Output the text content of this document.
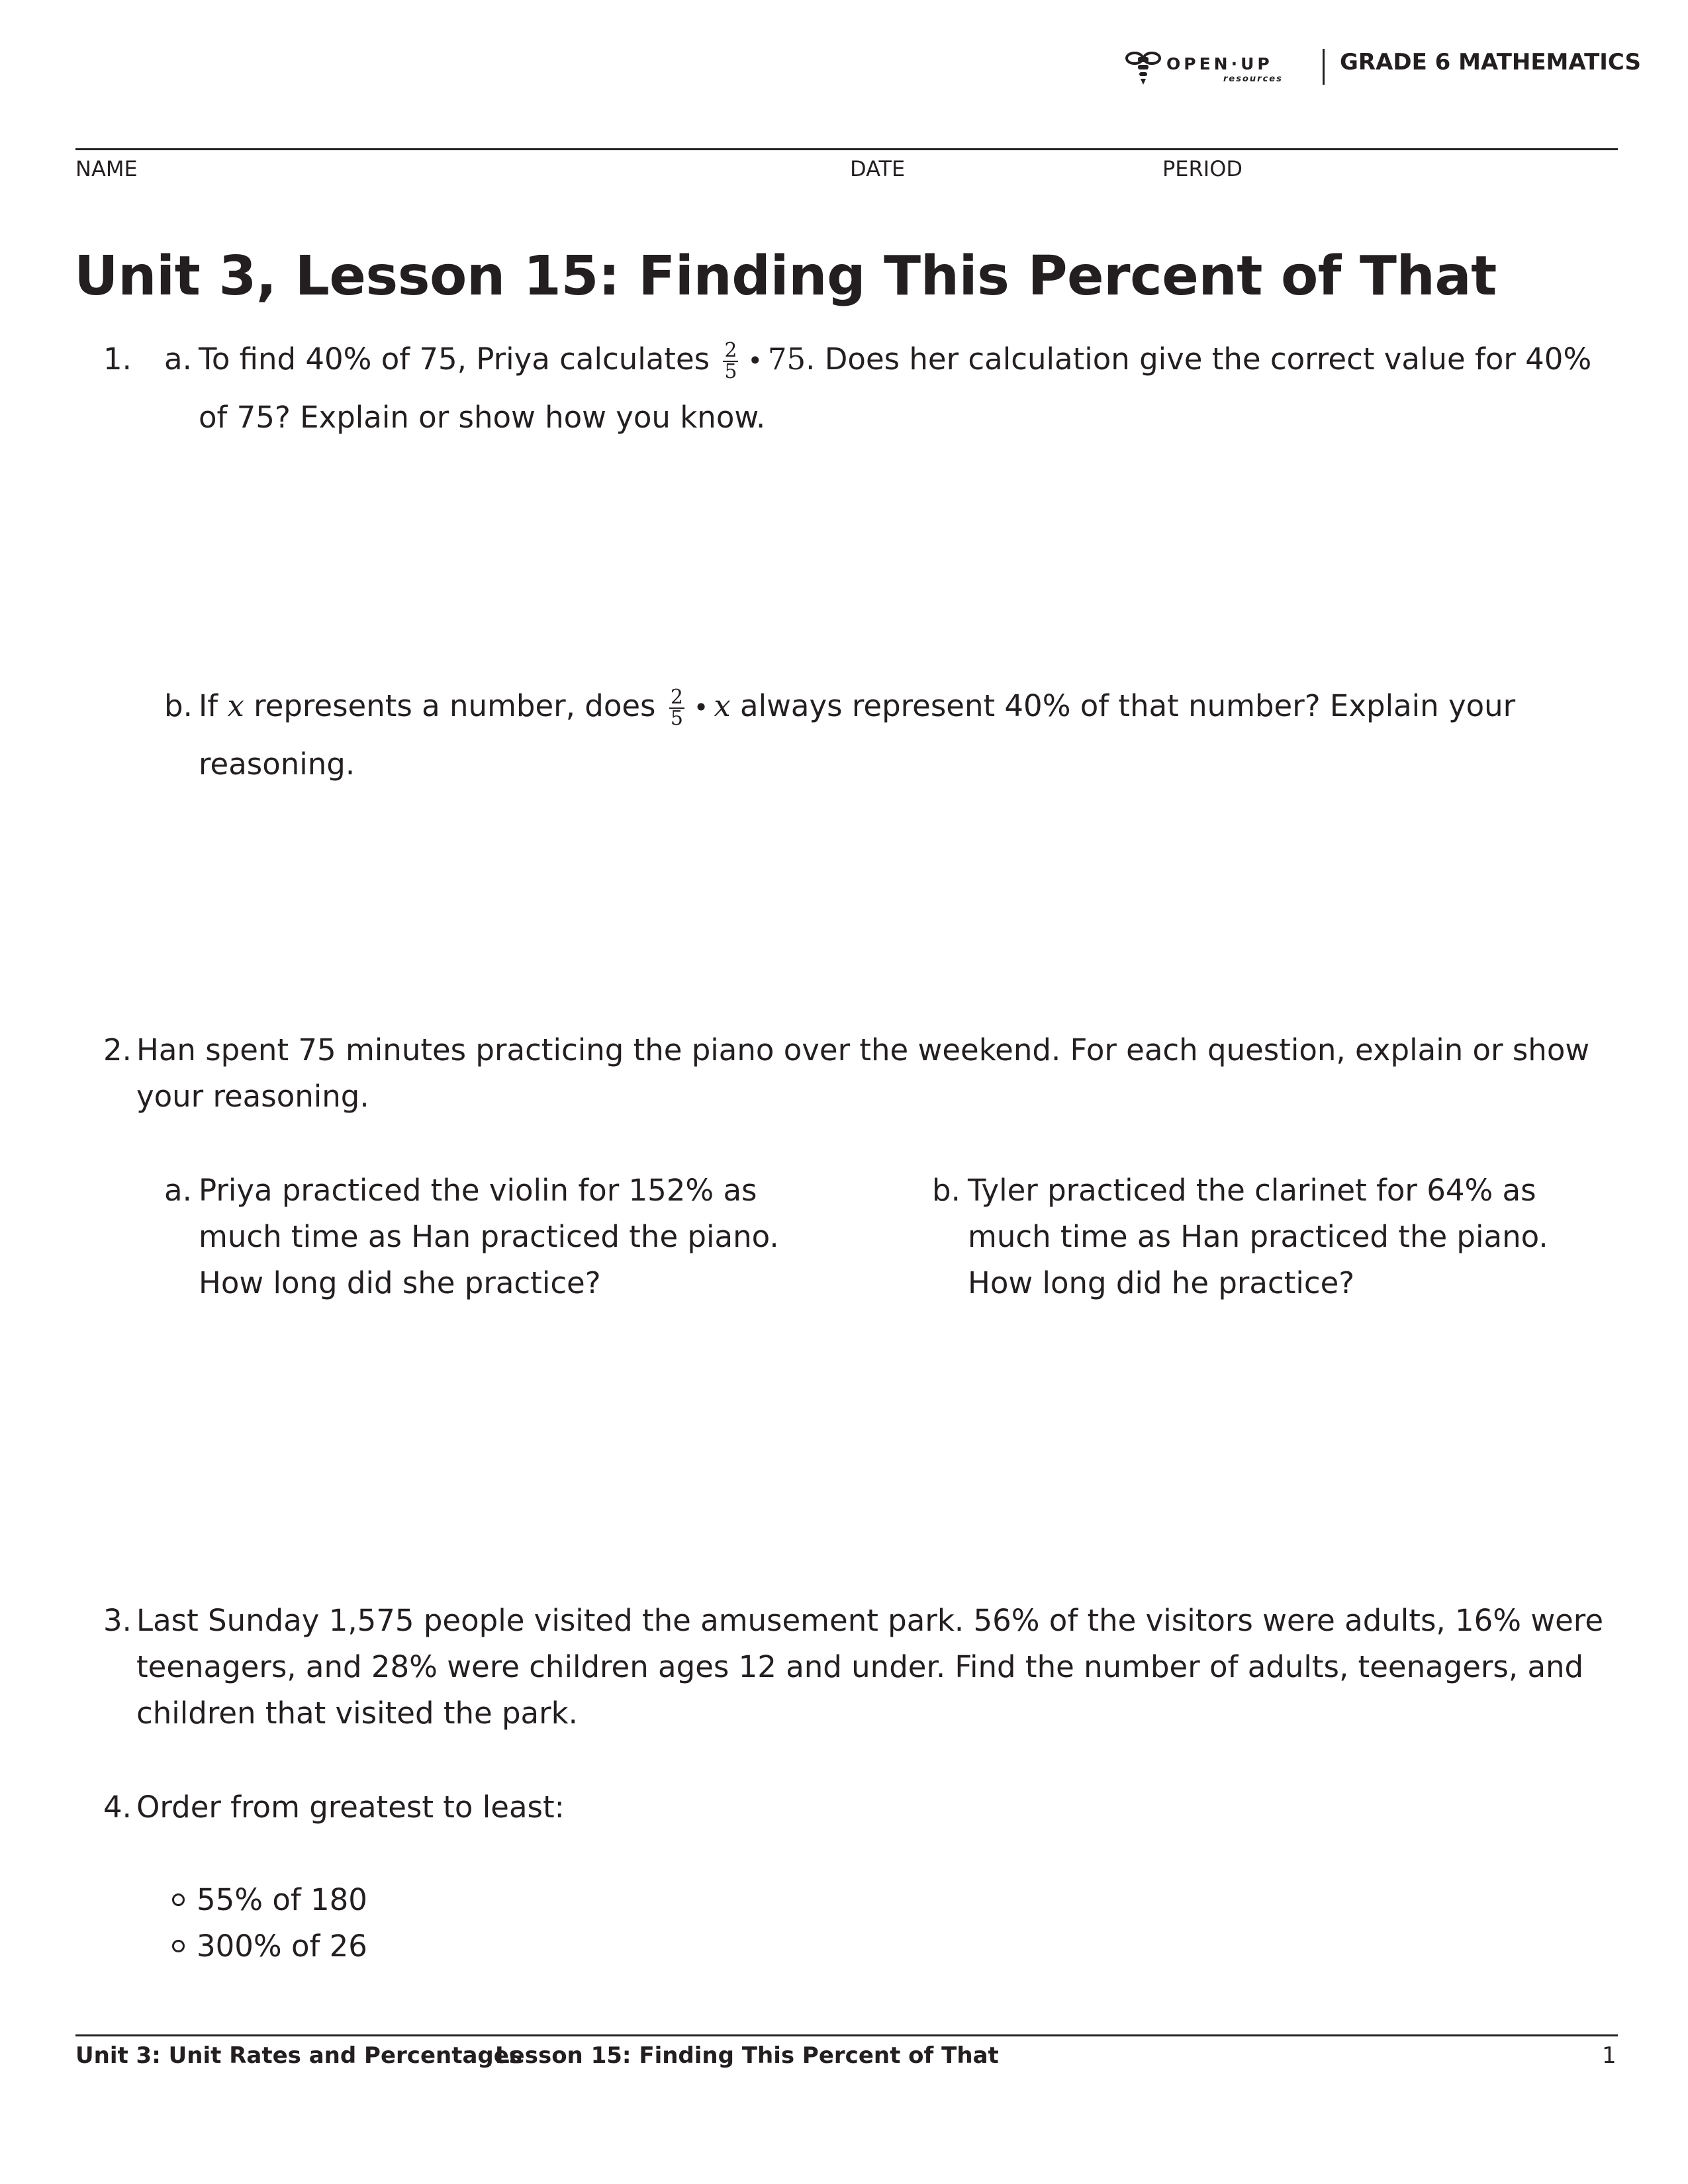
OPEN·UP
resources
GRADE 6 MATHEMATICS
NAME	DATE	PERIOD
Unit 3, Lesson 15: Finding This Percent of That
1. a. To find 40% of 75, Priya calculates $\frac{2}{5}$ • 75. Does her calculation give the correct value for 40% of 75? Explain or show how you know.
b. If x represents a number, does $\frac{2}{5}$ • x always represent 40% of that number? Explain your reasoning.
2. Han spent 75 minutes practicing the piano over the weekend. For each question, explain or show your reasoning.
a. Priya practiced the violin for 152% as much time as Han practiced the piano. How long did she practice?
b. Tyler practiced the clarinet for 64% as much time as Han practiced the piano. How long did he practice?
3. Last Sunday 1,575 people visited the amusement park. 56% of the visitors were adults, 16% were teenagers, and 28% were children ages 12 and under. Find the number of adults, teenagers, and children that visited the park.
4. Order from greatest to least:
55% of 180
300% of 26
Unit 3: Unit Rates and Percentages
Lesson 15: Finding This Percent of That	1
